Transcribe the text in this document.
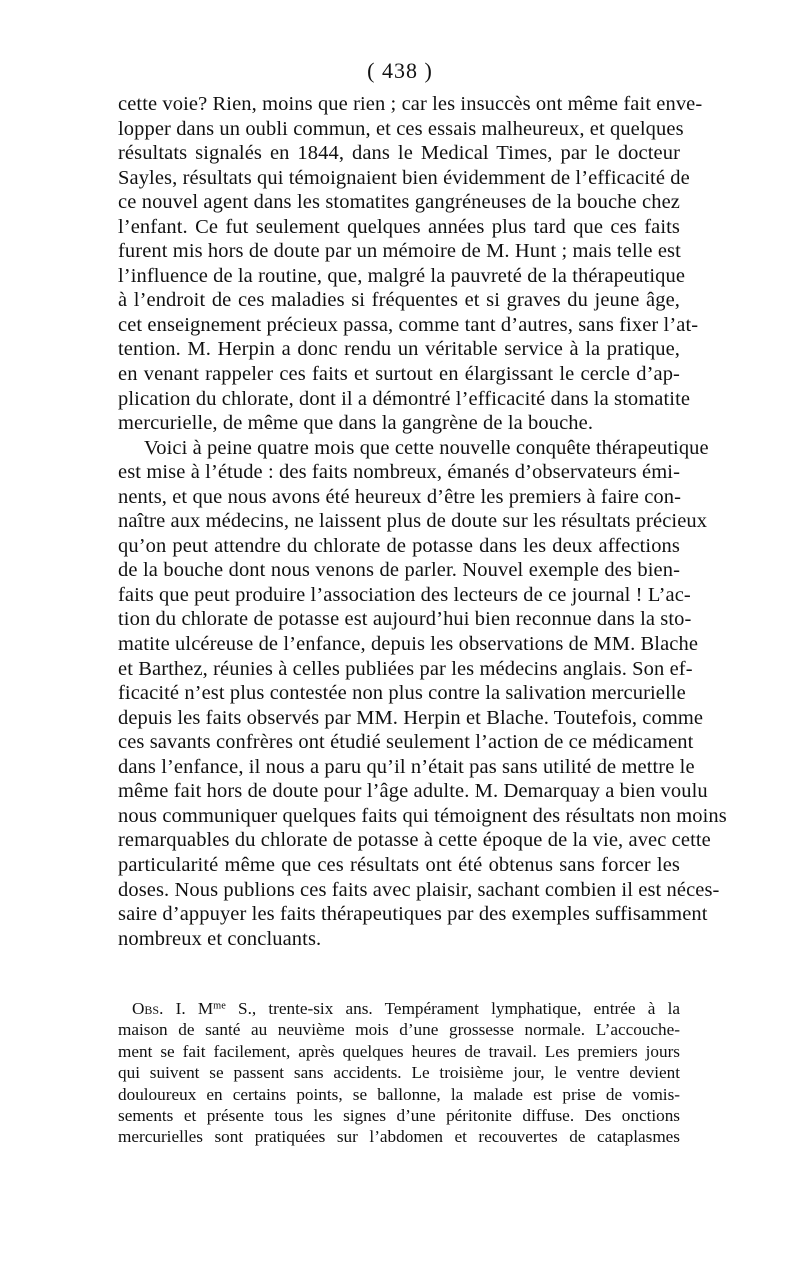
( 438 )
cette voie? Rien, moins que rien ; car les insuccès ont même fait enve-
lopper dans un oubli commun, et ces essais malheureux, et quelques
résultats signalés en 1844, dans le Medical Times, par le docteur
Sayles, résultats qui témoignaient bien évidemment de l’efficacité de
ce nouvel agent dans les stomatites gangréneuses de la bouche chez
l’enfant. Ce fut seulement quelques années plus tard que ces faits
furent mis hors de doute par un mémoire de M. Hunt ; mais telle est
l’influence de la routine, que, malgré la pauvreté de la thérapeutique
à l’endroit de ces maladies si fréquentes et si graves du jeune âge,
cet enseignement précieux passa, comme tant d’autres, sans fixer l’at-
tention. M. Herpin a donc rendu un véritable service à la pratique,
en venant rappeler ces faits et surtout en élargissant le cercle d’ap-
plication du chlorate, dont il a démontré l’efficacité dans la stomatite
mercurielle, de même que dans la gangrène de la bouche.
Voici à peine quatre mois que cette nouvelle conquête thérapeutique
est mise à l’étude : des faits nombreux, émanés d’observateurs émi-
nents, et que nous avons été heureux d’être les premiers à faire con-
naître aux médecins, ne laissent plus de doute sur les résultats précieux
qu’on peut attendre du chlorate de potasse dans les deux affections
de la bouche dont nous venons de parler. Nouvel exemple des bien-
faits que peut produire l’association des lecteurs de ce journal ! L’ac-
tion du chlorate de potasse est aujourd’hui bien reconnue dans la sto-
matite ulcéreuse de l’enfance, depuis les observations de MM. Blache
et Barthez, réunies à celles publiées par les médecins anglais. Son ef-
ficacité n’est plus contestée non plus contre la salivation mercurielle
depuis les faits observés par MM. Herpin et Blache. Toutefois, comme
ces savants confrères ont étudié seulement l’action de ce médicament
dans l’enfance, il nous a paru qu’il n’était pas sans utilité de mettre le
même fait hors de doute pour l’âge adulte. M. Demarquay a bien voulu
nous communiquer quelques faits qui témoignent des résultats non moins
remarquables du chlorate de potasse à cette époque de la vie, avec cette
particularité même que ces résultats ont été obtenus sans forcer les
doses. Nous publions ces faits avec plaisir, sachant combien il est néces-
saire d’appuyer les faits thérapeutiques par des exemples suffisamment
nombreux et concluants.
Obs. I. $M^{me}$ S., trente-six ans. Tempérament lymphatique, entrée à la
maison de santé au neuvième mois d’une grossesse normale. L’accouche-
ment se fait facilement, après quelques heures de travail. Les premiers jours
qui suivent se passent sans accidents. Le troisième jour, le ventre devient
douloureux en certains points, se ballonne, la malade est prise de vomis-
sements et présente tous les signes d’une péritonite diffuse. Des onctions
mercurielles sont pratiquées sur l’abdomen et recouvertes de cataplasmes
